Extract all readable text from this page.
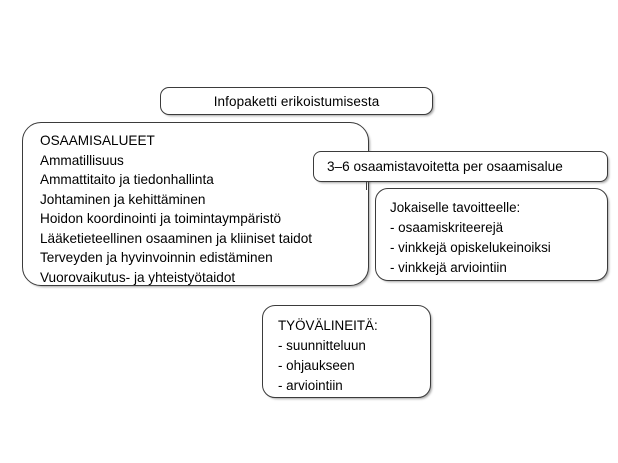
Infopaketti erikoistumisesta
OSAAMISALUEET
Ammatillisuus
Ammattitaito ja tiedonhallinta
Johtaminen ja kehittäminen
Hoidon koordinointi ja toimintaympäristö
Lääketieteellinen osaaminen ja kliiniset taidot
Terveyden ja hyvinvoinnin edistäminen
Vuorovaikutus- ja yhteistyötaidot
3–6 osaamistavoitetta per osaamisalue
Jokaiselle tavoitteelle:
- osaamiskriteerejä
- vinkkejä opiskelukeinoiksi
- vinkkejä arviointiin
TYÖVÄLINEITÄ:
- suunnitteluun
- ohjaukseen
- arviointiin
